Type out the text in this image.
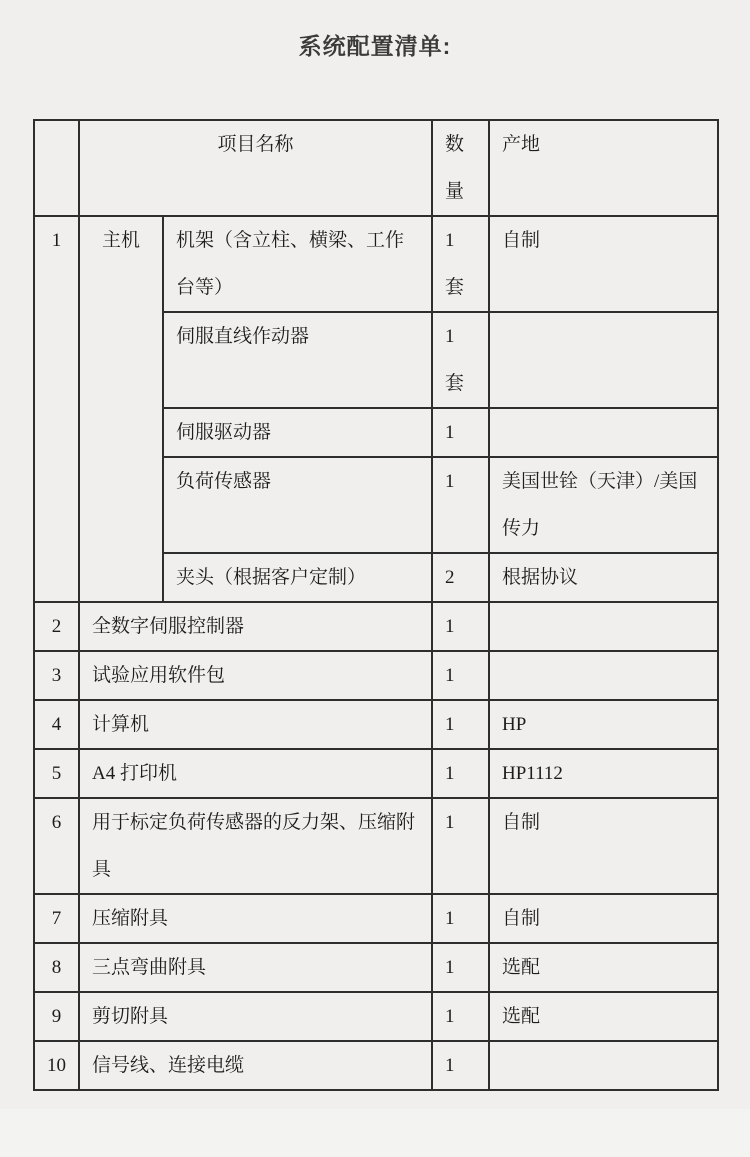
系统配置清单:
	项目名称		数量	产地
1	主机	机架（含立柱、横梁、工作台等）	1 套	自制
		伺服直线作动器	1 套	
		伺服驱动器	1	
		负荷传感器	1	美国世铨（天津）/美国传力
		夹头（根据客户定制）	2	根据协议
2	全数字伺服控制器		1	
3	试验应用软件包		1	
4	计算机		1	HP
5	A4 打印机		1	HP1112
6	用于标定负荷传感器的反力架、压缩附具		1	自制
7	压缩附具		1	自制
8	三点弯曲附具		1	选配
9	剪切附具		1	选配
10	信号线、连接电缆		1	
